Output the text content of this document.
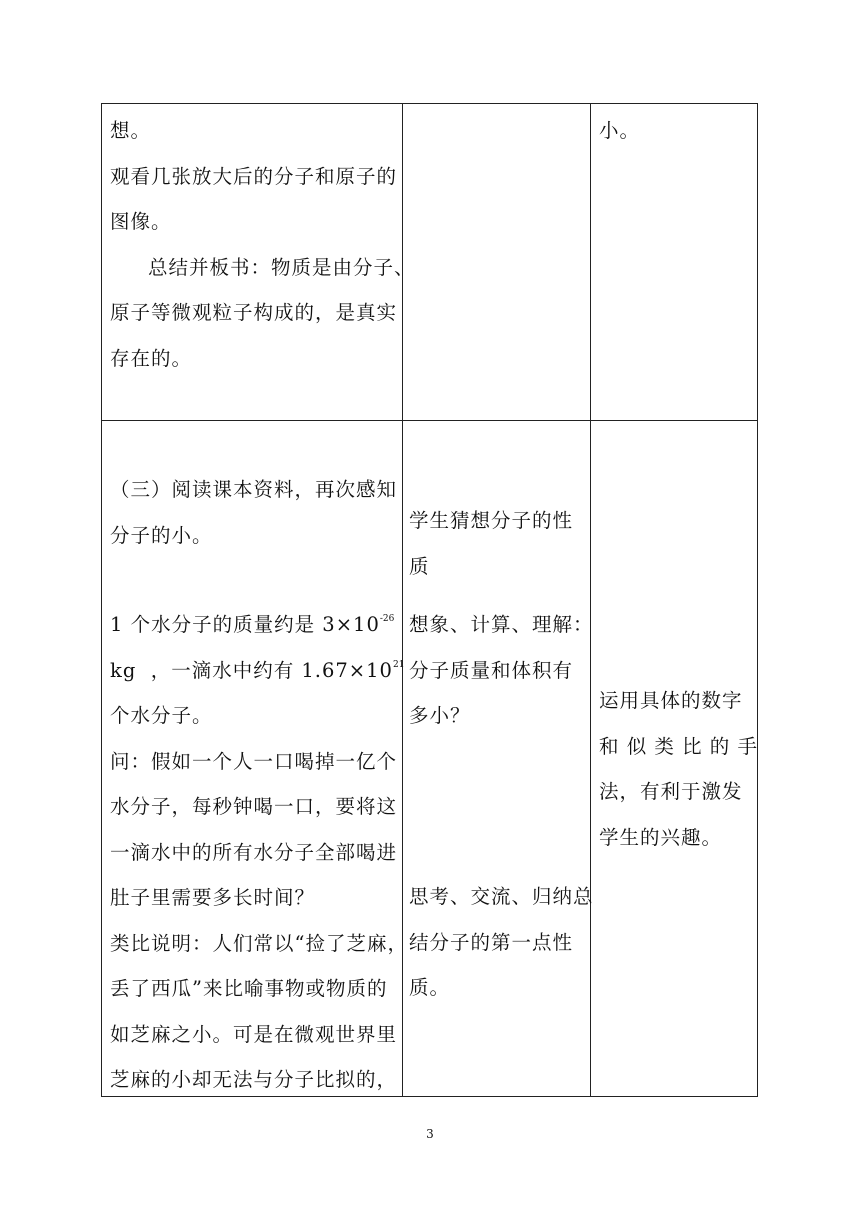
想。

观看几张放大后的分子和原子的

图像。

总结并板书：物质是由分子、

原子等微观粒子构成的，是真实

存在的。

小。

（三）阅读课本资料，再次感知

分子的小。

1 个水分子的质量约是 $3\times 10^{-26}$

kg  ，一滴水中约有 $1.67\times 10^{21}$

个水分子。

问：假如一个人一口喝掉一亿个

水分子，每秒钟喝一口，要将这

一滴水中的所有水分子全部喝进

肚子里需要多长时间？

类比说明：人们常以“捡了芝麻，

丢了西瓜”来比喻事物或物质的

如芝麻之小。可是在微观世界里

芝麻的小却无法与分子比拟的，

学生猜想分子的性

质

想象、计算、理解：

分子质量和体积有

多小？

思考、交流、归纳总

结分子的第一点性

质。

运用具体的数字

和 似 类 比 的 手

法，有利于激发

学生的兴趣。

3
